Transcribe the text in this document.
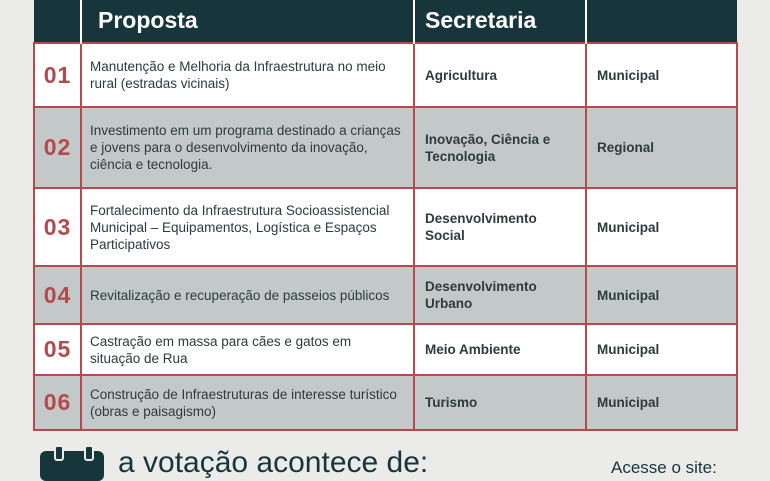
	Proposta	Secretaria	
01	Manutenção e Melhoria da Infraestrutura no meio rural (estradas vicinais)	Agricultura	Municipal
02	Investimento em um programa destinado a crianças e jovens para o desenvolvimento da inovação, ciência e tecnologia.	Inovação, Ciência e Tecnologia	Regional
03	Fortalecimento da Infraestrutura Socioassistencial Municipal – Equipamentos, Logística e Espaços Participativos	Desenvolvimento Social	Municipal
04	Revitalização e recuperação de passeios públicos	Desenvolvimento Urbano	Municipal
05	Castração em massa para cães e gatos em situação de Rua	Meio Ambiente	Municipal
06	Construção de Infraestruturas de interesse turístico (obras e paisagismo)	Turismo	Municipal
a votação acontece de:	Acesse o site:
